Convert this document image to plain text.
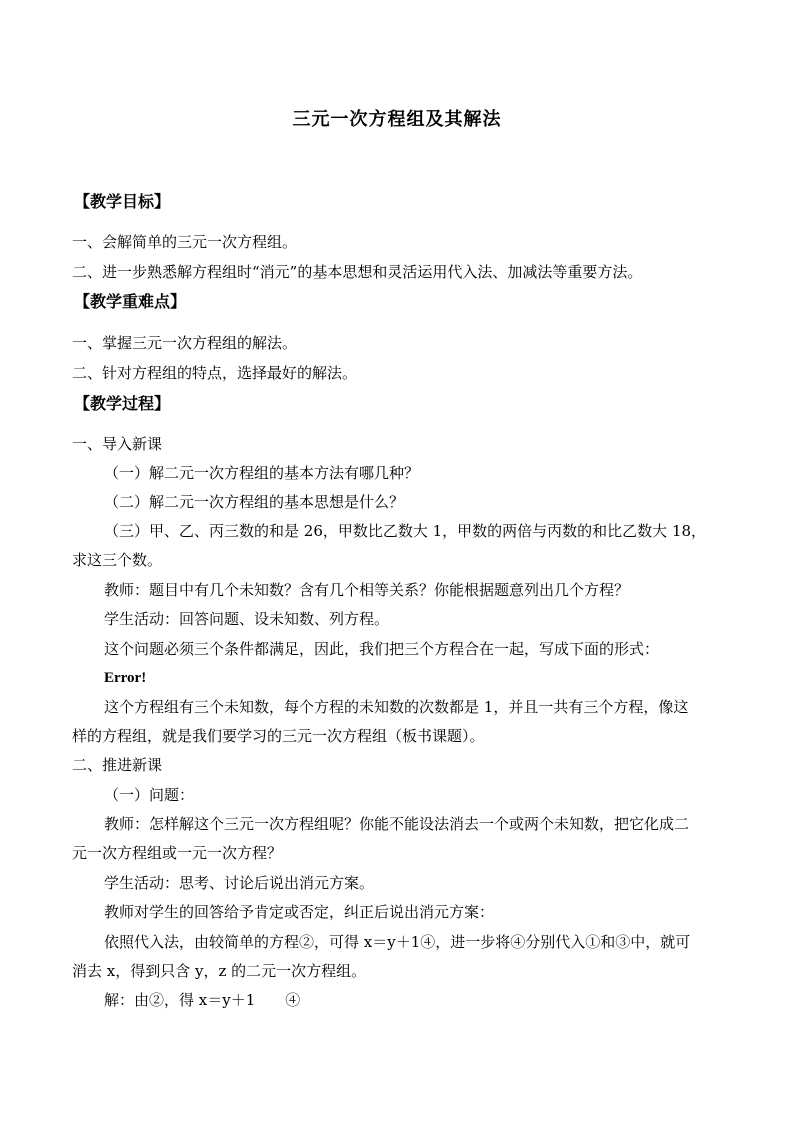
三元一次方程组及其解法
【教学目标】
一、会解简单的三元一次方程组。
二、进一步熟悉解方程组时“消元”的基本思想和灵活运用代入法、加减法等重要方法。
【教学重难点】
一、掌握三元一次方程组的解法。
二、针对方程组的特点，选择最好的解法。
【教学过程】
一、导入新课
（一）解二元一次方程组的基本方法有哪几种？
（二）解二元一次方程组的基本思想是什么？
（三）甲、乙、丙三数的和是 26，甲数比乙数大 1，甲数的两倍与丙数的和比乙数大 18，
求这三个数。
教师：题目中有几个未知数？含有几个相等关系？你能根据题意列出几个方程？
学生活动：回答问题、设未知数、列方程。
这个问题必须三个条件都满足，因此，我们把三个方程合在一起，写成下面的形式：
Error!
这个方程组有三个未知数，每个方程的未知数的次数都是 1，并且一共有三个方程，像这
样的方程组，就是我们要学习的三元一次方程组（板书课题）。
二、推进新课
（一）问题：
教师：怎样解这个三元一次方程组呢？你能不能设法消去一个或两个未知数，把它化成二
元一次方程组或一元一次方程？
学生活动：思考、讨论后说出消元方案。
教师对学生的回答给予肯定或否定，纠正后说出消元方案：
依照代入法，由较简单的方程②，可得 x＝y＋1④，进一步将④分别代入①和③中，就可
消去 x，得到只含 y，z 的二元一次方程组。
解：由②，得 x＝y＋1　　④
